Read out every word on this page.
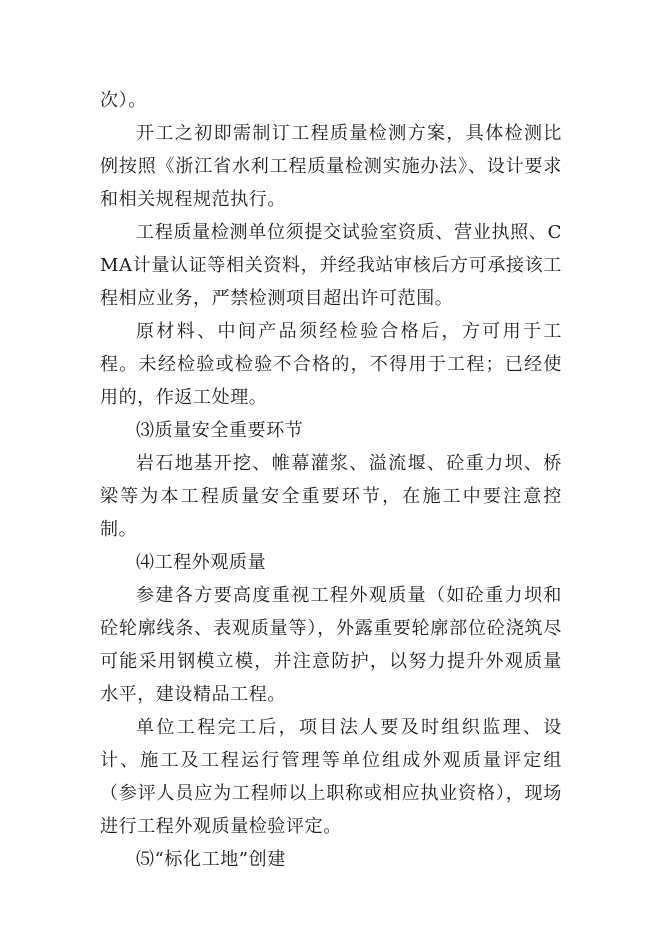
次）。

开工之初即需制订工程质量检测方案，具体检测比例按照《浙江省水利工程质量检测实施办法》、设计要求和相关规程规范执行。

工程质量检测单位须提交试验室资质、营业执照、CMA计量认证等相关资料，并经我站审核后方可承接该工程相应业务，严禁检测项目超出许可范围。

原材料、中间产品须经检验合格后，方可用于工程。未经检验或检验不合格的，不得用于工程；已经使用的，作返工处理。

⑶质量安全重要环节

岩石地基开挖、帷幕灌浆、溢流堰、砼重力坝、桥梁等为本工程质量安全重要环节，在施工中要注意控制。

⑷工程外观质量

参建各方要高度重视工程外观质量（如砼重力坝和砼轮廓线条、表观质量等），外露重要轮廓部位砼浇筑尽可能采用钢模立模，并注意防护，以努力提升外观质量水平，建设精品工程。

单位工程完工后，项目法人要及时组织监理、设计、施工及工程运行管理等单位组成外观质量评定组（参评人员应为工程师以上职称或相应执业资格），现场进行工程外观质量检验评定。

⑸“标化工地”创建
